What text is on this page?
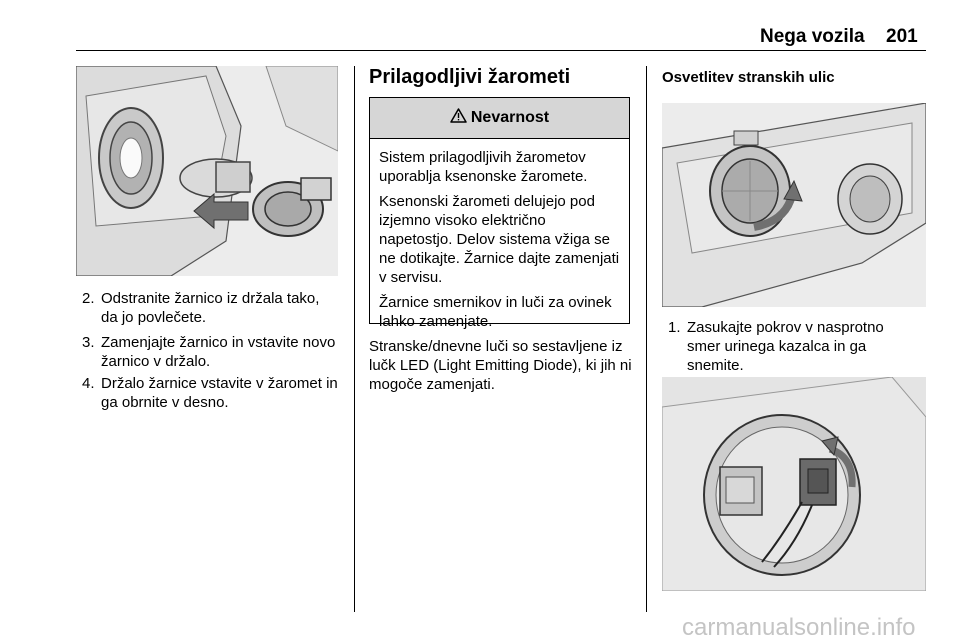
Nega vozila 201
2. Odstranite žarnico iz držala tako, da jo povlečete.
3. Zamenjajte žarnico in vstavite novo žarnico v držalo.
4. Držalo žarnice vstavite v žaromet in ga obrnite v desno.
Prilagodljivi žarometi
Nevarnost

Sistem prilagodljivih žarometov uporablja ksenonske žaromete.

Ksenonski žarometi delujejo pod izjemno visoko električno napetostjo. Delov sistema vžiga se ne dotikajte. Žarnice dajte zamenjati v servisu.

Žarnice smernikov in luči za ovinek lahko zamenjate.

Stranske/dnevne luči so sestavljene iz lučk LED (Light Emitting Diode), ki jih ni mogoče zamenjati.

Osvetlitev stranskih ulic
1. Zasukajte pokrov v nasprotno smer urinega kazalca in ga snemite.
carmanualsonline.info
